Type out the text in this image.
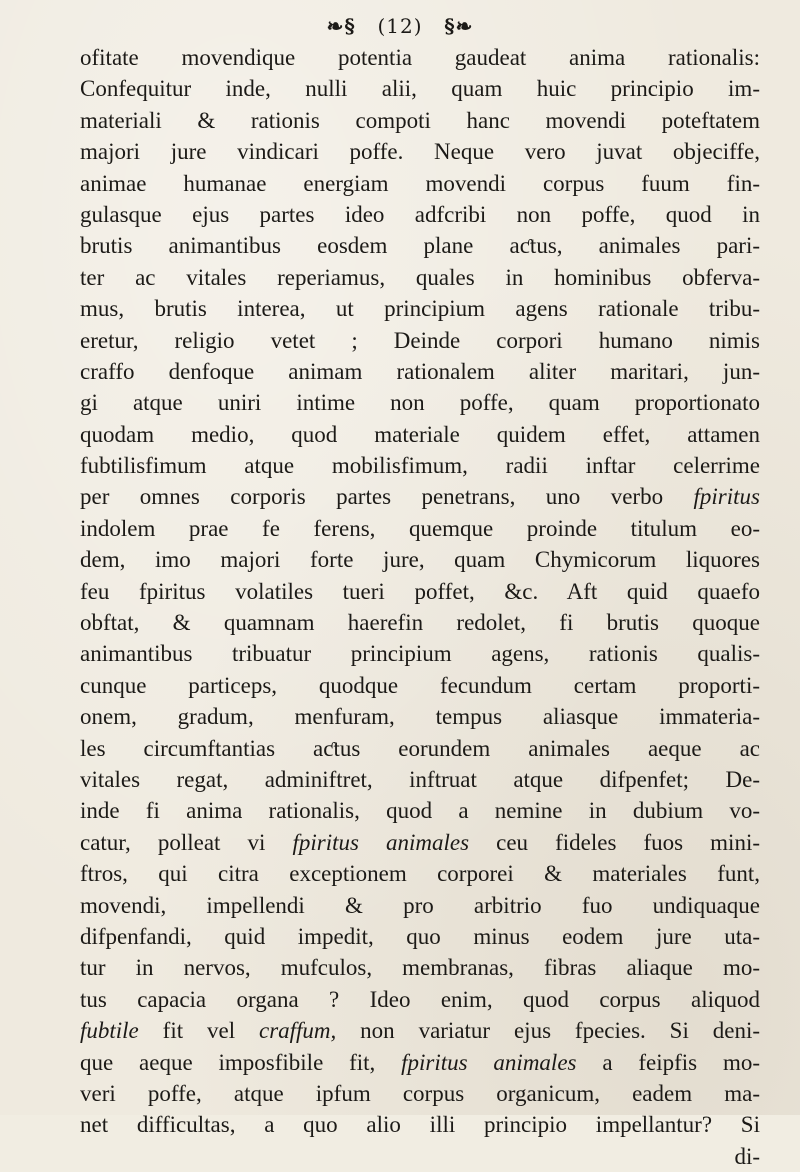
❧§ (12) §❧
ofitate movendique potentia gaudeat anima rationalis:
Confequitur inde, nulli alii, quam huic principio im-
materiali & rationis compoti hanc movendi poteftatem
majori jure vindicari poffe. Neque vero juvat objeciffe,
animae humanae energiam movendi corpus fuum fin-
gulasque ejus partes ideo adfcribi non poffe, quod in
brutis animantibus eosdem plane aƈtus, animales pari-
ter ac vitales reperiamus, quales in hominibus obferva-
mus, brutis interea, ut principium agens rationale tribu-
eretur, religio vetet ; Deinde corpori humano nimis
craffo denfoque animam rationalem aliter maritari, jun-
gi atque uniri intime non poffe, quam proportionato
quodam medio, quod materiale quidem effet, attamen
fubtilisfimum atque mobilisfimum, radii inftar celerrime
per omnes corporis partes penetrans, uno verbo fpiritus
indolem prae fe ferens, quemque proinde titulum eo-
dem, imo majori forte jure, quam Chymicorum liquores
feu fpiritus volatiles tueri poffet, &c. Aft quid quaefo
obftat, & quamnam haerefin redolet, fi brutis quoque
animantibus tribuatur principium agens, rationis qualis-
cunque particeps, quodque fecundum certam proporti-
onem, gradum, menfuram, tempus aliasque immateria-
les circumftantias aƈtus eorundem animales aeque ac
vitales regat, adminiftret, inftruat atque difpenfet; De-
inde fi anima rationalis, quod a nemine in dubium vo-
catur, polleat vi fpiritus animales ceu fideles fuos mini-
ftros, qui citra exceptionem corporei & materiales funt,
movendi, impellendi & pro arbitrio fuo undiquaque
difpenfandi, quid impedit, quo minus eodem jure uta-
tur in nervos, mufculos, membranas, fibras aliaque mo-
tus capacia organa ? Ideo enim, quod corpus aliquod
fubtile fit vel craffum, non variatur ejus fpecies. Si deni-
que aeque imposfibile fit, fpiritus animales a feipfis mo-
veri poffe, atque ipfum corpus organicum, eadem ma-
net difficultas, a quo alio illi principio impellantur? Si
di-
